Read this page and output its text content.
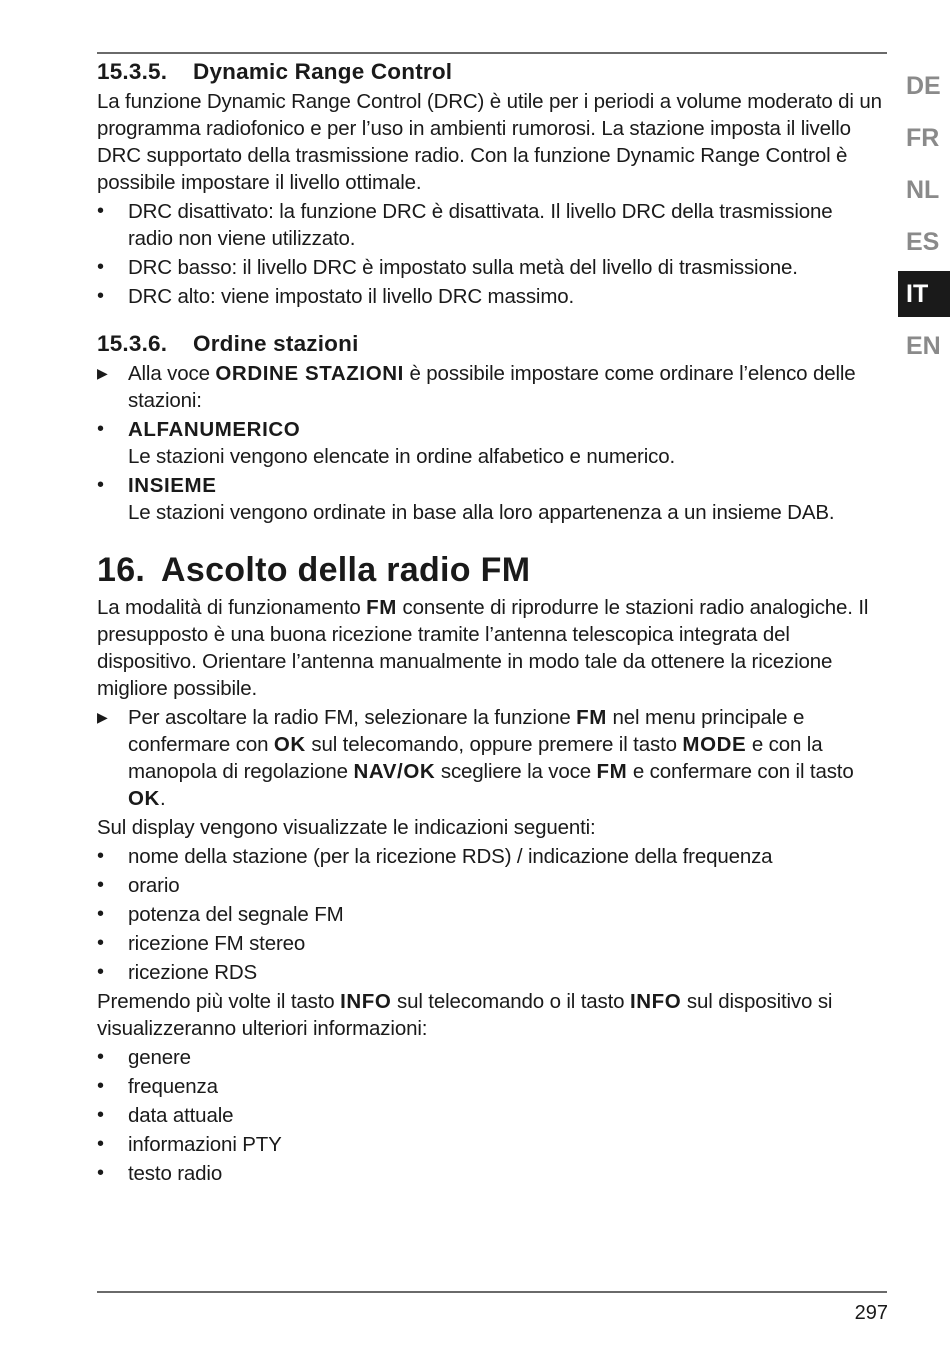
15.3.5. Dynamic Range Control

La funzione Dynamic Range Control (DRC) è utile per i periodi a volume moderato di un programma radiofonico e per l’uso in ambienti rumorosi. La stazione imposta il livello DRC supportato della trasmissione radio. Con la funzione Dynamic Range Control è possibile impostare il livello ottimale.

•	DRC disattivato: la funzione DRC è disattivata. Il livello DRC della trasmissione radio non viene utilizzato.
•	DRC basso: il livello DRC è impostato sulla metà del livello di trasmissione.
•	DRC alto: viene impostato il livello DRC massimo.
15.3.6. Ordine stazioni
▶ Alla voce ORDINE STAZIONI è possibile impostare come ordinare l’elenco delle stazioni:
•	ALFANUMERICO
Le stazioni vengono elencate in ordine alfabetico e numerico.
•	INSIEME
Le stazioni vengono ordinate in base alla loro appartenenza a un insieme DAB.
16. Ascolto della radio FM

La modalità di funzionamento FM consente di riprodurre le stazioni radio analogiche. Il presupposto è una buona ricezione tramite l’antenna telescopica integrata del dispositivo. Orientare l’antenna manualmente in modo tale da ottenere la ricezione migliore possibile.

▶ Per ascoltare la radio FM, selezionare la funzione FM nel menu principale e confermare con OK sul telecomando, oppure premere il tasto MODE e con la manopola di regolazione NAV/OK scegliere la voce FM e confermare con il tasto OK.

Sul display vengono visualizzate le indicazioni seguenti:

•	nome della stazione (per la ricezione RDS) / indicazione della frequenza
•	orario
•	potenza del segnale FM
•	ricezione FM stereo
•	ricezione RDS

Premendo più volte il tasto INFO sul telecomando o il tasto INFO sul dispositivo si visualizzeranno ulteriori informazioni:

•	genere
•	frequenza
•	data attuale
•	informazioni PTY
•	testo radio
DE
FR
NL
ES
IT
EN
297
